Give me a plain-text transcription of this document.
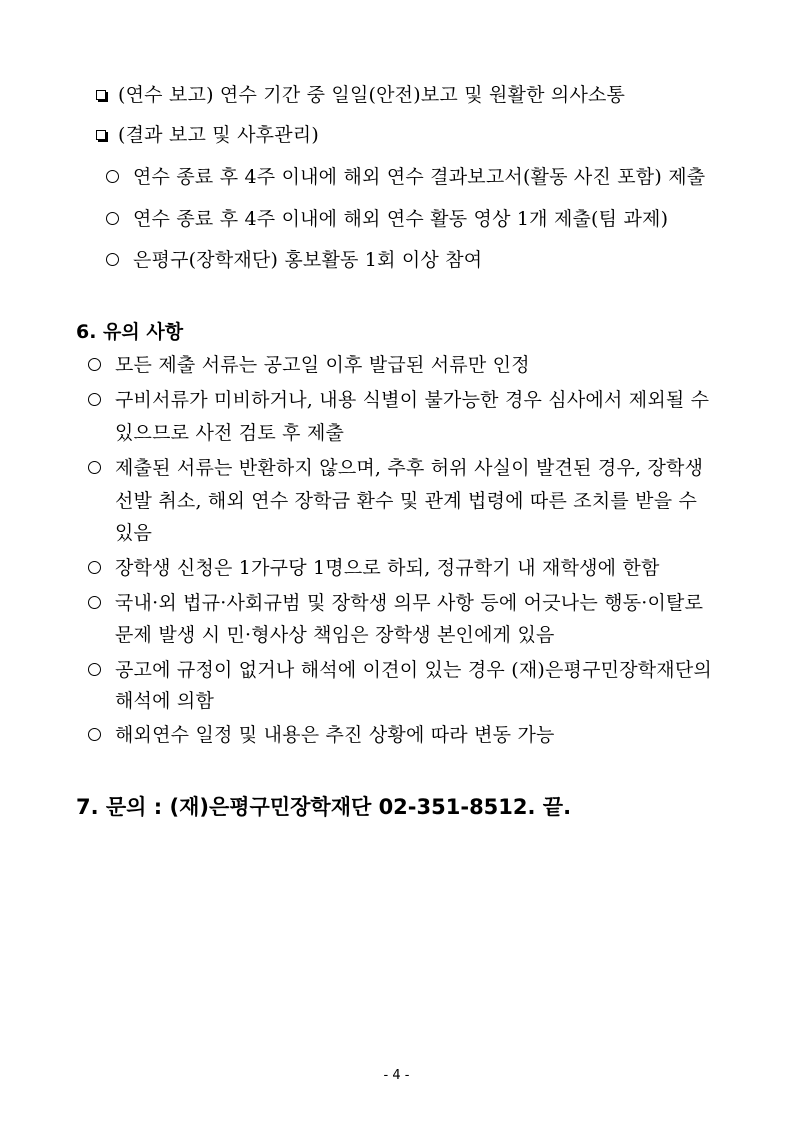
(연수 보고) 연수 기간 중 일일(안전)보고 및 원활한 의사소통
(결과 보고 및 사후관리)
연수 종료 후 4주 이내에 해외 연수 결과보고서(활동 사진 포함) 제출
연수 종료 후 4주 이내에 해외 연수 활동 영상 1개 제출(팀 과제)
은평구(장학재단) 홍보활동 1회 이상 참여
6. 유의 사항
모든 제출 서류는 공고일 이후 발급된 서류만 인정
구비서류가 미비하거나, 내용 식별이 불가능한 경우 심사에서 제외될 수
있으므로 사전 검토 후 제출
제출된 서류는 반환하지 않으며, 추후 허위 사실이 발견된 경우, 장학생
선발 취소, 해외 연수 장학금 환수 및 관계 법령에 따른 조치를 받을 수
있음
장학생 신청은 1가구당 1명으로 하되, 정규학기 내 재학생에 한함
국내·외 법규·사회규범 및 장학생 의무 사항 등에 어긋나는 행동·이탈로
문제 발생 시 민·형사상 책임은 장학생 본인에게 있음
공고에 규정이 없거나 해석에 이견이 있는 경우 (재)은평구민장학재단의
해석에 의함
해외연수 일정 및 내용은 추진 상황에 따라 변동 가능
7. 문의 : (재)은평구민장학재단 02-351-8512. 끝.
- 4 -
